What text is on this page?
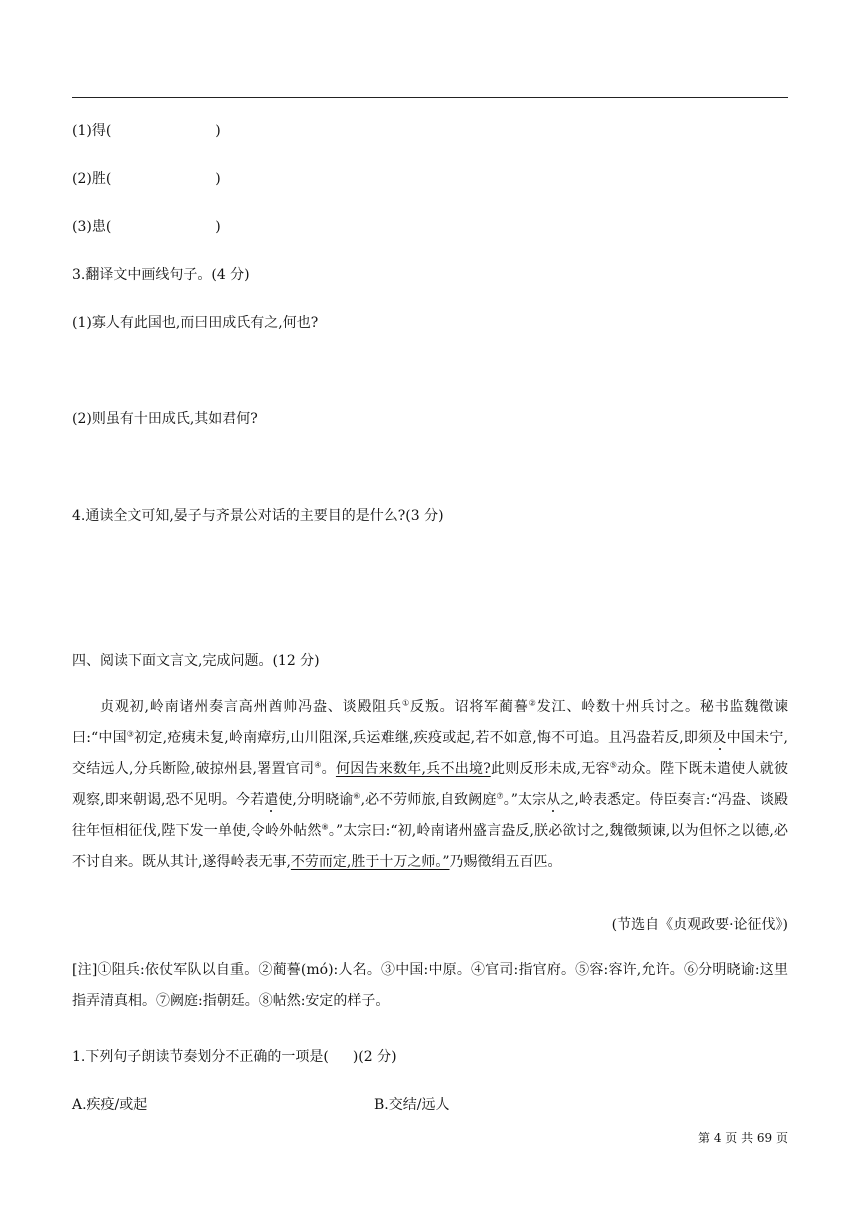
(1)得(	)
(2)胜(	)
(3)患(	)
3.翻译文中画线句子。(4 分)
(1)寡人有此国也,而曰田成氏有之,何也?
(2)则虽有十田成氏,其如君何?
4.通读全文可知,晏子与齐景公对话的主要目的是什么?(3 分)
四、阅读下面文言文,完成问题。(12 分)
贞观初,岭南诸州奏言高州酋帅冯盎、谈殿阻兵①反叛。诏将军蔺謩②发江、岭数十州兵讨之。秘书监魏徵谏曰:“中国③初定,疮痍未复,岭南瘴疠,山川阻深,兵运难继,疾疫或起,若不如意,悔不可追。且冯盎若反,即须及中国未宁,交结远人,分兵断险,破掠州县,署置官司④。何因告来数年,兵不出境?此则反形未成,无容⑤动众。陛下既未遣使人就彼观察,即来朝谒,恐不见明。今若遣使,分明晓谕⑥,必不劳师旅,自致阙庭⑦。”太宗从之,岭表悉定。侍臣奏言:“冯盎、谈殿往年恒相征伐,陛下发一单使,令岭外帖然⑧。”太宗曰:“初,岭南诸州盛言盎反,朕必欲讨之,魏徵频谏,以为但怀之以德,必不讨自来。既从其计,遂得岭表无事,不劳而定,胜于十万之师。”乃赐徵绢五百匹。
(节选自《贞观政要·论征伐》)
[注]①阻兵:依仗军队以自重。②蔺謩(mó):人名。③中国:中原。④官司:指官府。⑤容:容许,允许。⑥分明晓谕:这里指弄清真相。⑦阙庭:指朝廷。⑧帖然:安定的样子。
1.下列句子朗读节奏划分不正确的一项是( )(2 分)
A.疾疫/或起	B.交结/远人
第 4 页 共 69 页
